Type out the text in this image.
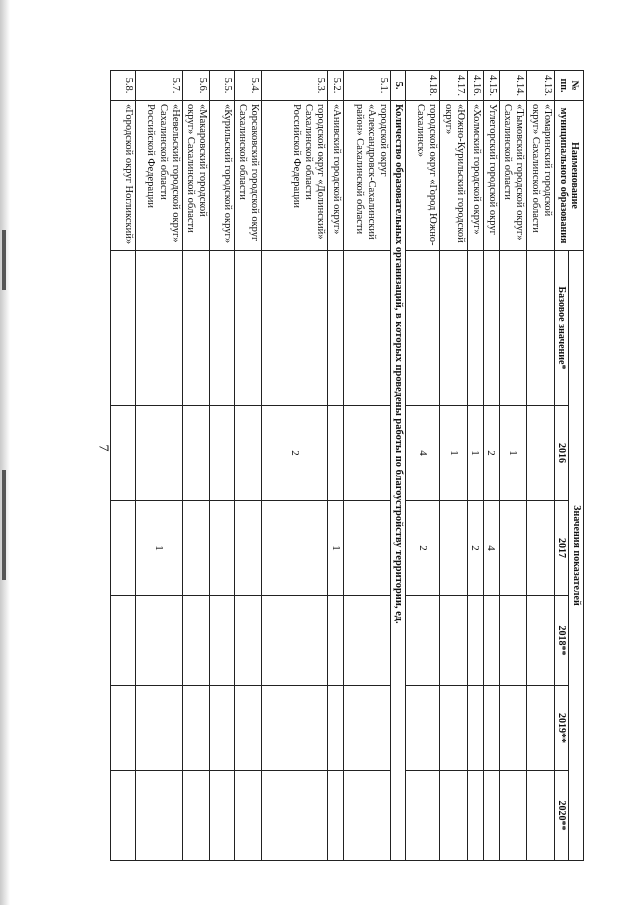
7
№ пп.	Наименование муниципального образования	Значения показателей					
		Базовое значение*	2016	2017	2018**	2019**	2020**
4.13.	«Томаринский городской округ» Сахалинской области						
4.14.	«Тымовский городской округ» Сахалинской области		1				
4.15.	Углегорский городской округ		2	4			
4.16.	«Холмский городской округ»		1	2			
4.17.	«Южно-Курильский городской округ»		1				
4.18.	городской округ «Город Южно-Сахалинск»		4	2			
5.	Количество образовательных организаций, в которых проведены работы по благоустройству территории, ед.						
5.1.	городской округ «Александровск-Сахалинский район» Сахалинской области						
5.2.	«Анивский городской округ»			1			
5.3.	городской округ «Долинский» Сахалинской области Российской Федерации		2				
5.4.	Корсаковский городской округ Сахалинской области						
5.5.	«Курильский городской округ»						
5.6.	«Макаровский городской округ» Сахалинской области						
5.7.	«Невельский городской округ» Сахалинской области Российской Федерации			1			
5.8.	«Городской округ Ногликский»						
